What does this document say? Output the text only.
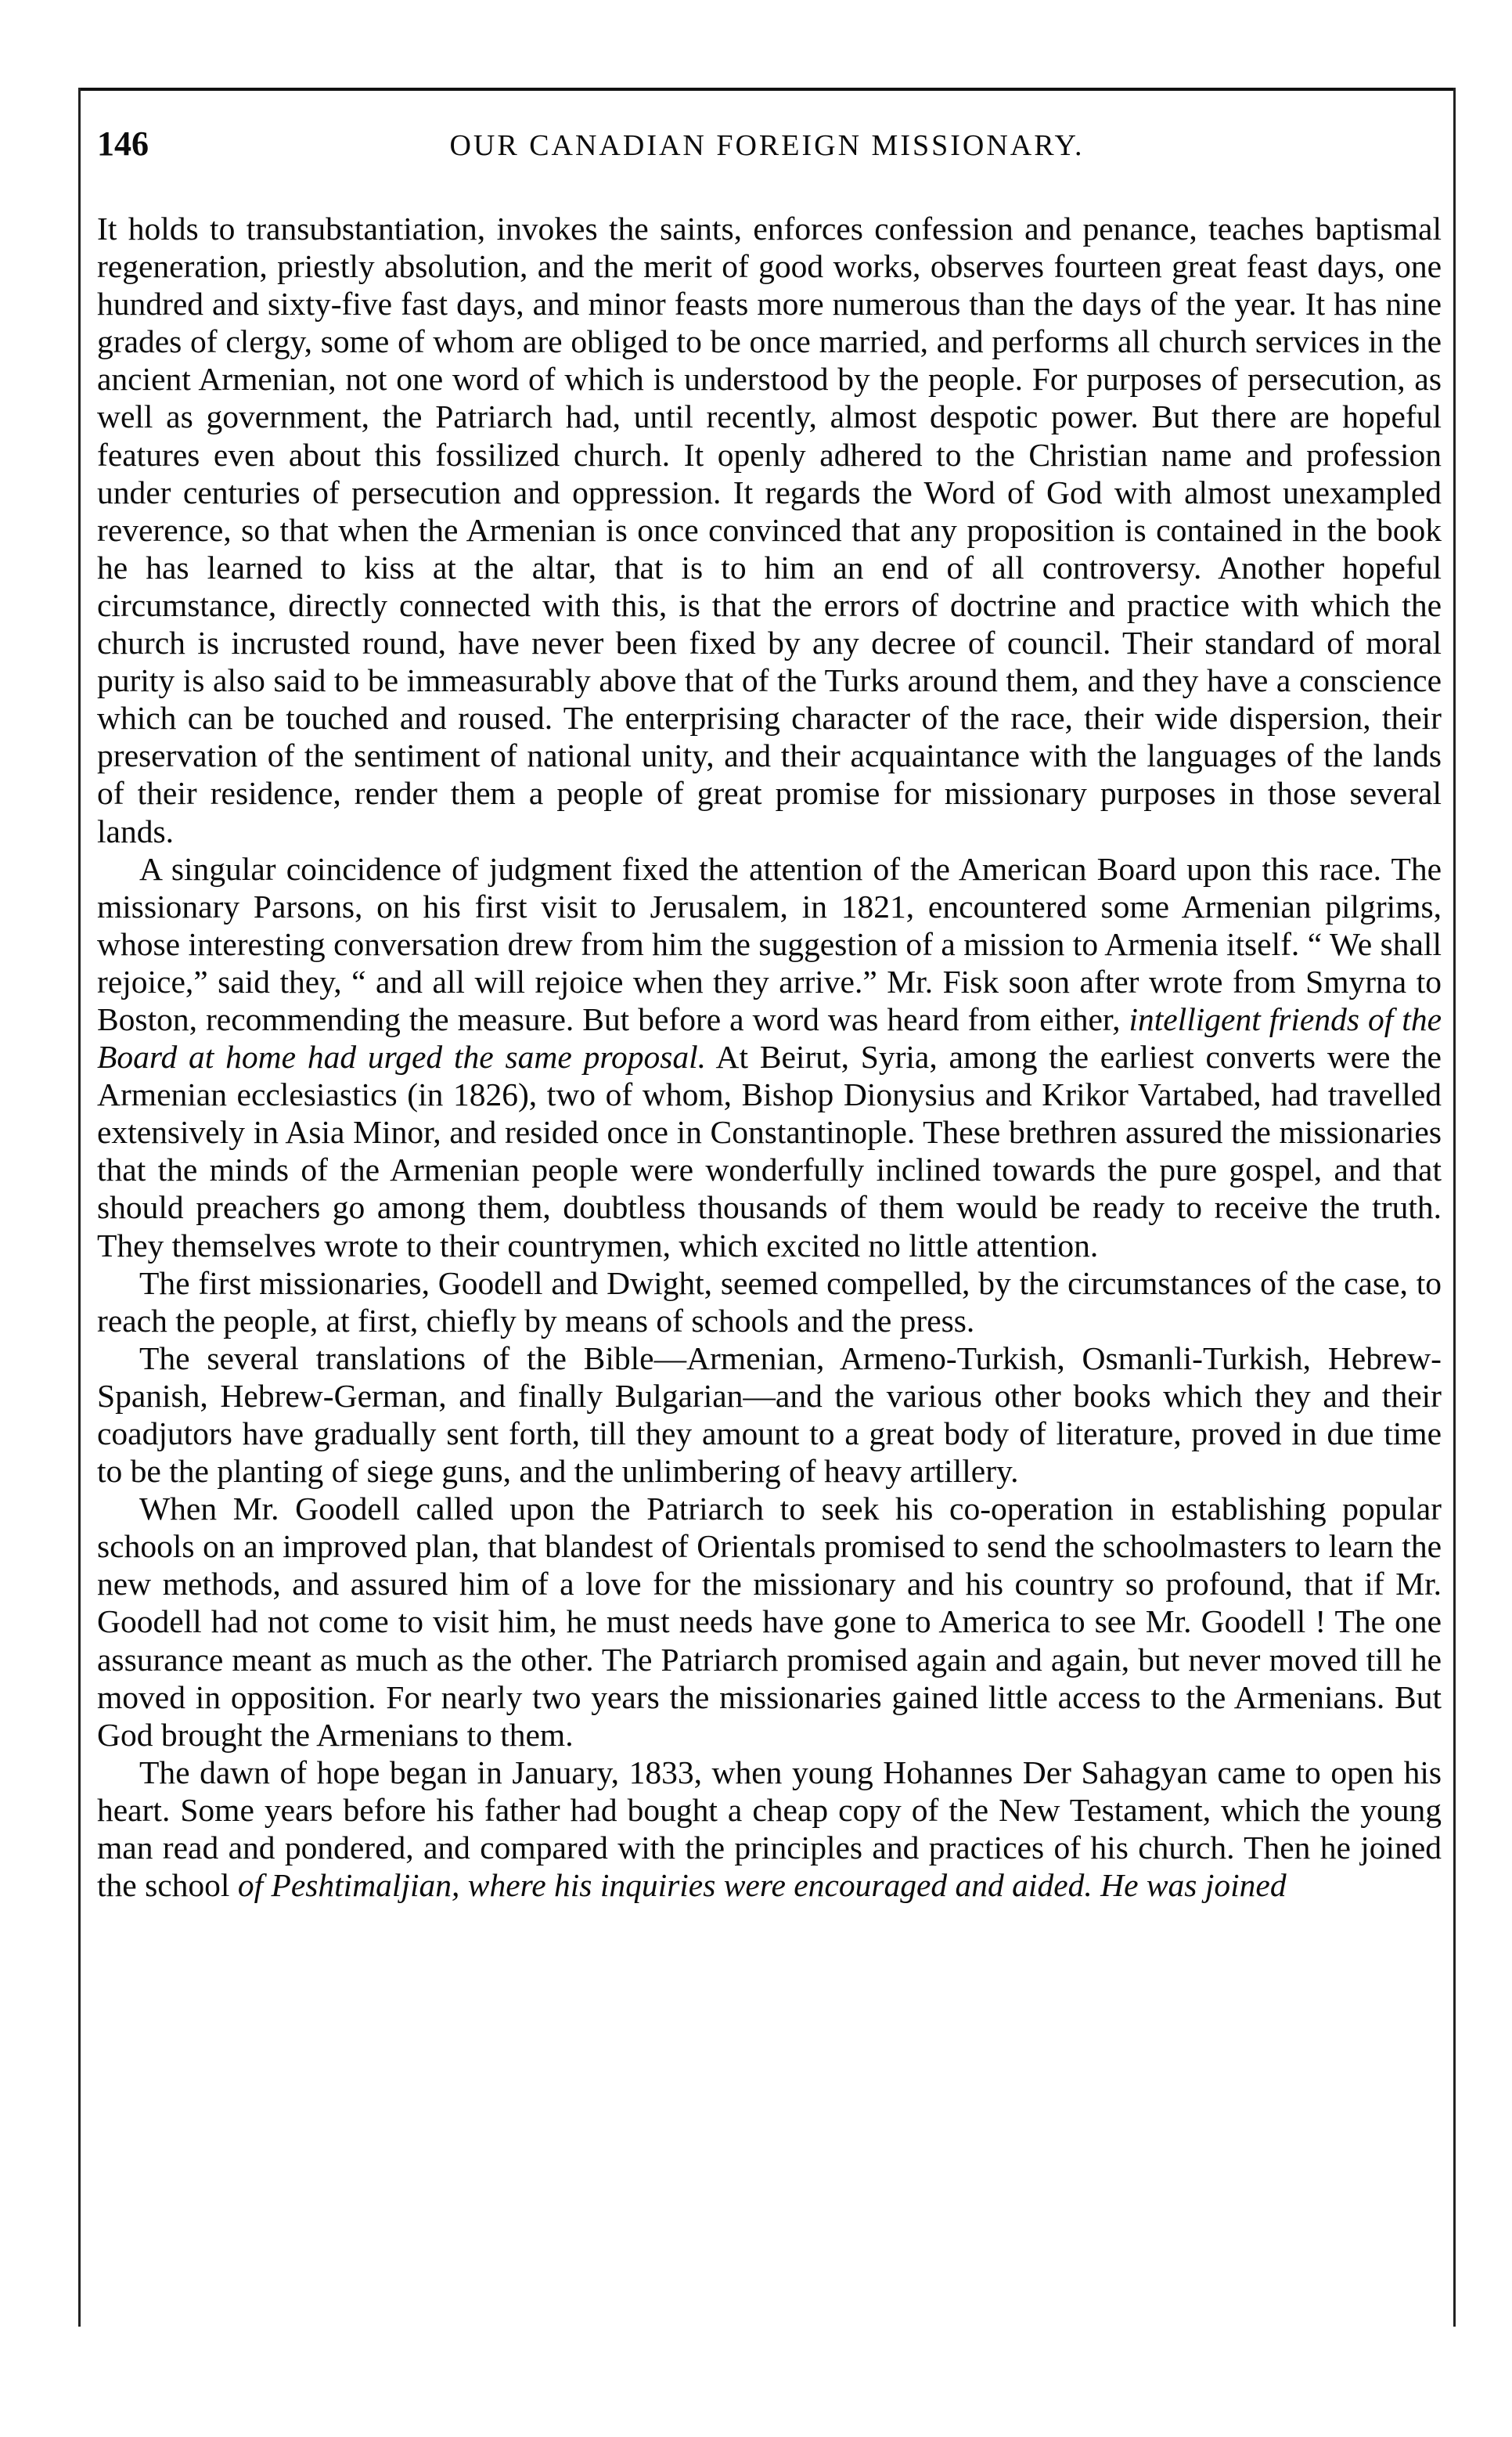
146	OUR CANADIAN FOREIGN MISSIONARY.

It holds to transubstantiation, invokes the saints, enforces confession and penance, teaches baptismal regeneration, priestly absolution, and the merit of good works, observes fourteen great feast days, one hundred and sixty-five fast days, and minor feasts more numerous than the days of the year. It has nine grades of clergy, some of whom are obliged to be once married, and performs all church services in the ancient Armenian, not one word of which is understood by the people. For purposes of persecution, as well as government, the Patriarch had, until recently, almost despotic power. But there are hopeful features even about this fossilized church. It openly adhered to the Christian name and profession under centuries of persecution and oppression. It regards the Word of God with almost unexampled reverence, so that when the Armenian is once convinced that any proposition is contained in the book he has learned to kiss at the altar, that is to him an end of all controversy. Another hopeful circumstance, directly connected with this, is that the errors of doctrine and practice with which the church is incrusted round, have never been fixed by any decree of council. Their standard of moral purity is also said to be immeasurably above that of the Turks around them, and they have a conscience which can be touched and roused. The enterprising character of the race, their wide dispersion, their preservation of the sentiment of national unity, and their acquaintance with the languages of the lands of their residence, render them a people of great promise for missionary purposes in those several lands.

A singular coincidence of judgment fixed the attention of the American Board upon this race. The missionary Parsons, on his first visit to Jerusalem, in 1821, encountered some Armenian pilgrims, whose interesting conversation drew from him the suggestion of a mission to Armenia itself. “ We shall rejoice,” said they, “ and all will rejoice when they arrive.” Mr. Fisk soon after wrote from Smyrna to Boston, recommending the measure. But before a word was heard from either, intelligent friends of the Board at home had urged the same proposal. At Beirut, Syria, among the earliest converts were the Armenian ecclesiastics (in 1826), two of whom, Bishop Dionysius and Krikor Vartabed, had travelled extensively in Asia Minor, and resided once in Constantinople. These brethren assured the missionaries that the minds of the Armenian people were wonderfully inclined towards the pure gospel, and that should preachers go among them, doubtless thousands of them would be ready to receive the truth. They themselves wrote to their countrymen, which excited no little attention.

The first missionaries, Goodell and Dwight, seemed compelled, by the circumstances of the case, to reach the people, at first, chiefly by means of schools and the press.

The several translations of the Bible—Armenian, Armeno-Turkish, Osmanli-Turkish, Hebrew-Spanish, Hebrew-German, and finally Bulgarian—and the various other books which they and their coadjutors have gradually sent forth, till they amount to a great body of literature, proved in due time to be the planting of siege guns, and the unlimbering of heavy artillery.

When Mr. Goodell called upon the Patriarch to seek his co-operation in establishing popular schools on an improved plan, that blandest of Orientals promised to send the schoolmasters to learn the new methods, and assured him of a love for the missionary and his country so profound, that if Mr. Goodell had not come to visit him, he must needs have gone to America to see Mr. Goodell ! The one assurance meant as much as the other. The Patriarch promised again and again, but never moved till he moved in opposition. For nearly two years the missionaries gained little access to the Armenians. But God brought the Armenians to them.

The dawn of hope began in January, 1833, when young Hohannes Der Sahagyan came to open his heart. Some years before his father had bought a cheap copy of the New Testament, which the young man read and pondered, and compared with the principles and practices of his church. Then he joined the school of Peshtimaljian, where his inquiries were encouraged and aided. He was joined
